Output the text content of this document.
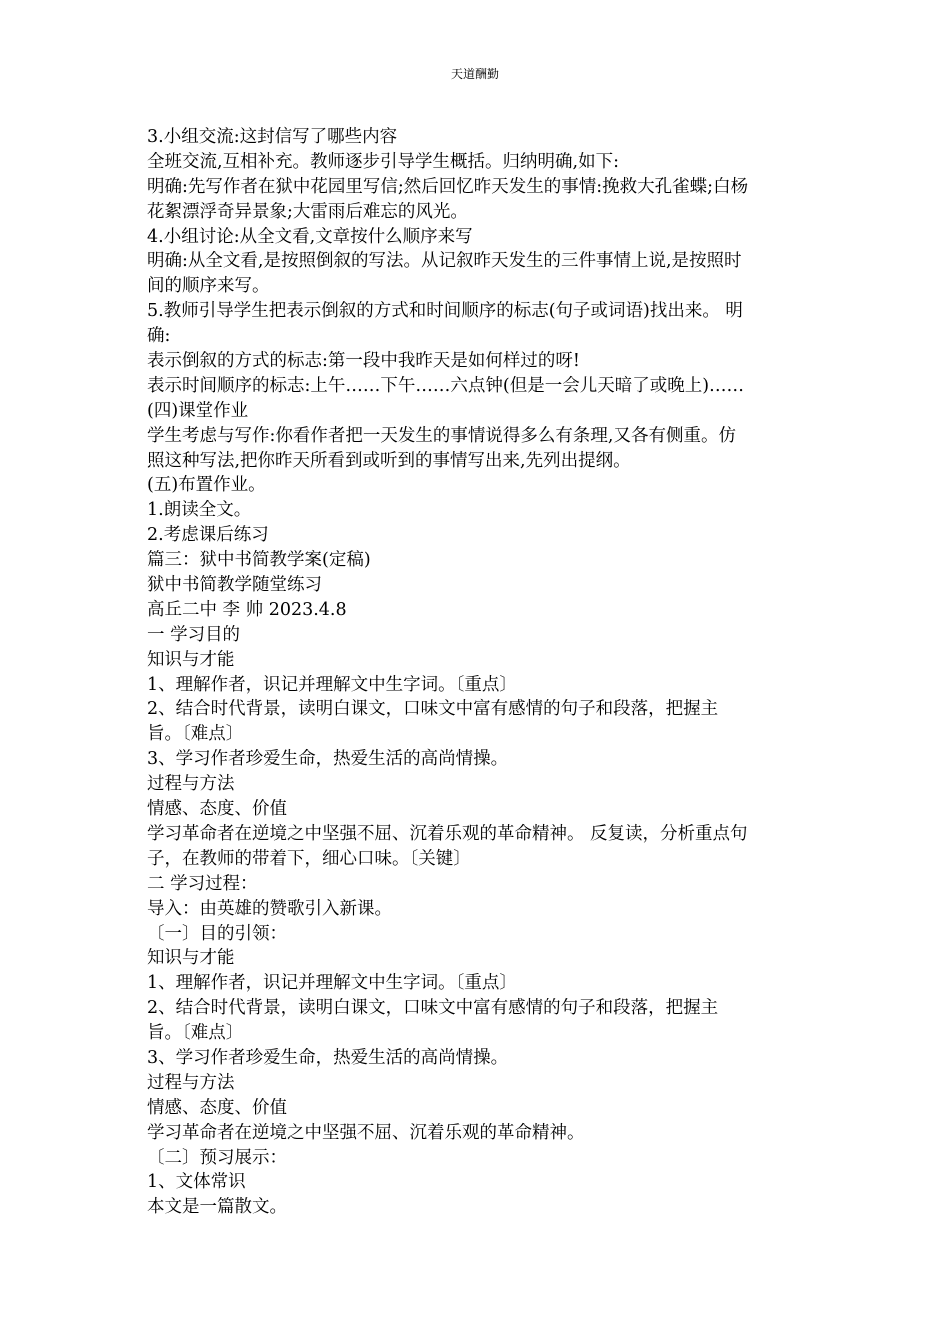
天道酬勤
3.小组交流:这封信写了哪些内容
全班交流,互相补充。教师逐步引导学生概括。归纳明确,如下:
明确:先写作者在狱中花园里写信;然后回忆昨天发生的事情:挽救大孔雀蝶;白杨
花絮漂浮奇异景象;大雷雨后难忘的风光。
4.小组讨论:从全文看,文章按什么顺序来写
明确:从全文看,是按照倒叙的写法。从记叙昨天发生的三件事情上说,是按照时
间的顺序来写。
5.教师引导学生把表示倒叙的方式和时间顺序的标志(句子或词语)找出来。 明
确:
表示倒叙的方式的标志:第一段中我昨天是如何样过的呀!
表示时间顺序的标志:上午……下午……六点钟(但是一会儿天暗了或晚上)……
(四)课堂作业
学生考虑与写作:你看作者把一天发生的事情说得多么有条理,又各有侧重。仿
照这种写法,把你昨天所看到或听到的事情写出来,先列出提纲。
(五)布置作业。
1.朗读全文。
2.考虑课后练习
篇三：狱中书简教学案(定稿)
狱中书简教学随堂练习
高丘二中 李 帅 2023.4.8
一 学习目的
知识与才能
1、理解作者，识记并理解文中生字词。〔重点〕
2、结合时代背景，读明白课文，口味文中富有感情的句子和段落，把握主
旨。〔难点〕
3、学习作者珍爱生命，热爱生活的高尚情操。
过程与方法
情感、态度、价值
学习革命者在逆境之中坚强不屈、沉着乐观的革命精神。 反复读，分析重点句
子，在教师的带着下，细心口味。〔关键〕
二 学习过程：
导入：由英雄的赞歌引入新课。
〔一〕目的引领：
知识与才能
1、理解作者，识记并理解文中生字词。〔重点〕
2、结合时代背景，读明白课文，口味文中富有感情的句子和段落，把握主
旨。〔难点〕
3、学习作者珍爱生命，热爱生活的高尚情操。
过程与方法
情感、态度、价值
学习革命者在逆境之中坚强不屈、沉着乐观的革命精神。
〔二〕预习展示：
1、文体常识
本文是一篇散文。
